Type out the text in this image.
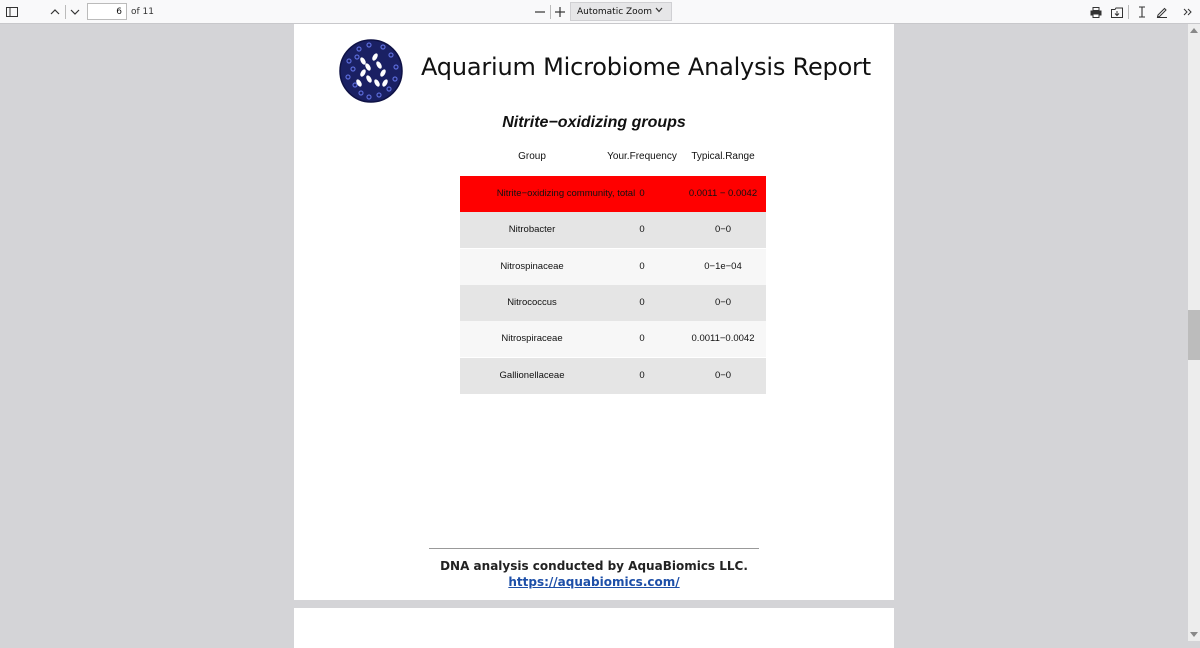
6
of 11	Automatic Zoom
Aquarium Microbiome Analysis Report
Nitrite−oxidizing groups
Group	Your.Frequency	Typical.Range
Nitrite−oxidizing community, total 0	0.0011 − 0.0042
Nitrobacter	0	0−0
Nitrospinaceae	0	0−1e−04
Nitrococcus	0	0−0
Nitrospiraceae	0	0.0011−0.0042
Gallionellaceae	0	0−0
DNA analysis conducted by AquaBiomics LLC.
https://aquabiomics.com/
